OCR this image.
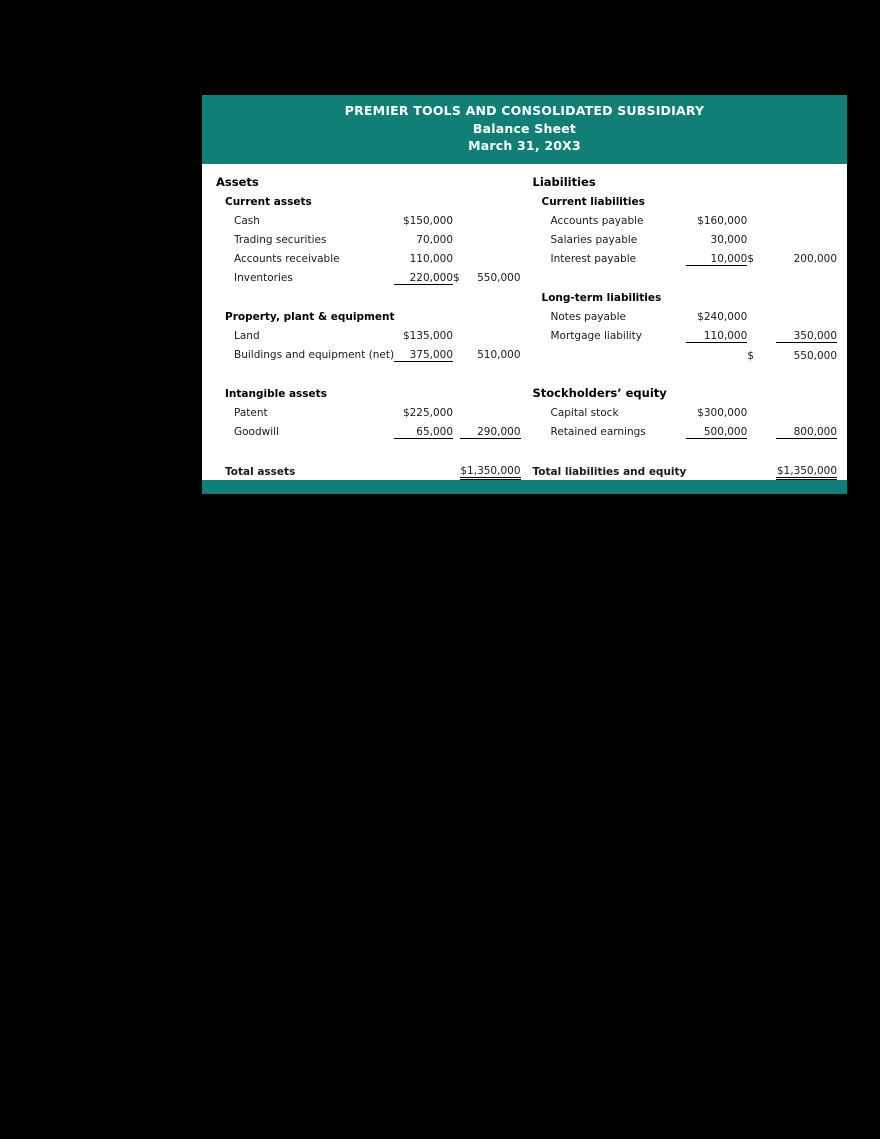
PREMIER TOOLS AND CONSOLIDATED SUBSIDIARY
Balance Sheet
March 31, 20X3
Assets			
Current assets			
Cash	$150,000		
Trading securities	70,000		
Accounts receivable	110,000		
Inventories	220,000	$	550,000

Property, plant & equipment			
Land	$135,000		
Buildings and equipment (net)	375,000		510,000

Intangible assets			
Patent	$225,000		
Goodwill	65,000		290,000

Total assets			$1,350,000
Liabilities			
Current liabilities			
Accounts payable	$160,000		
Salaries payable	30,000		
Interest payable	10,000	$	200,000

Long-term liabilities			
Notes payable	$240,000		
Mortgage liability	110,000		350,000
		$	550,000

Stockholders’ equity			
Capital stock	$300,000		
Retained earnings	500,000		800,000

Total liabilities and equity			$1,350,000
